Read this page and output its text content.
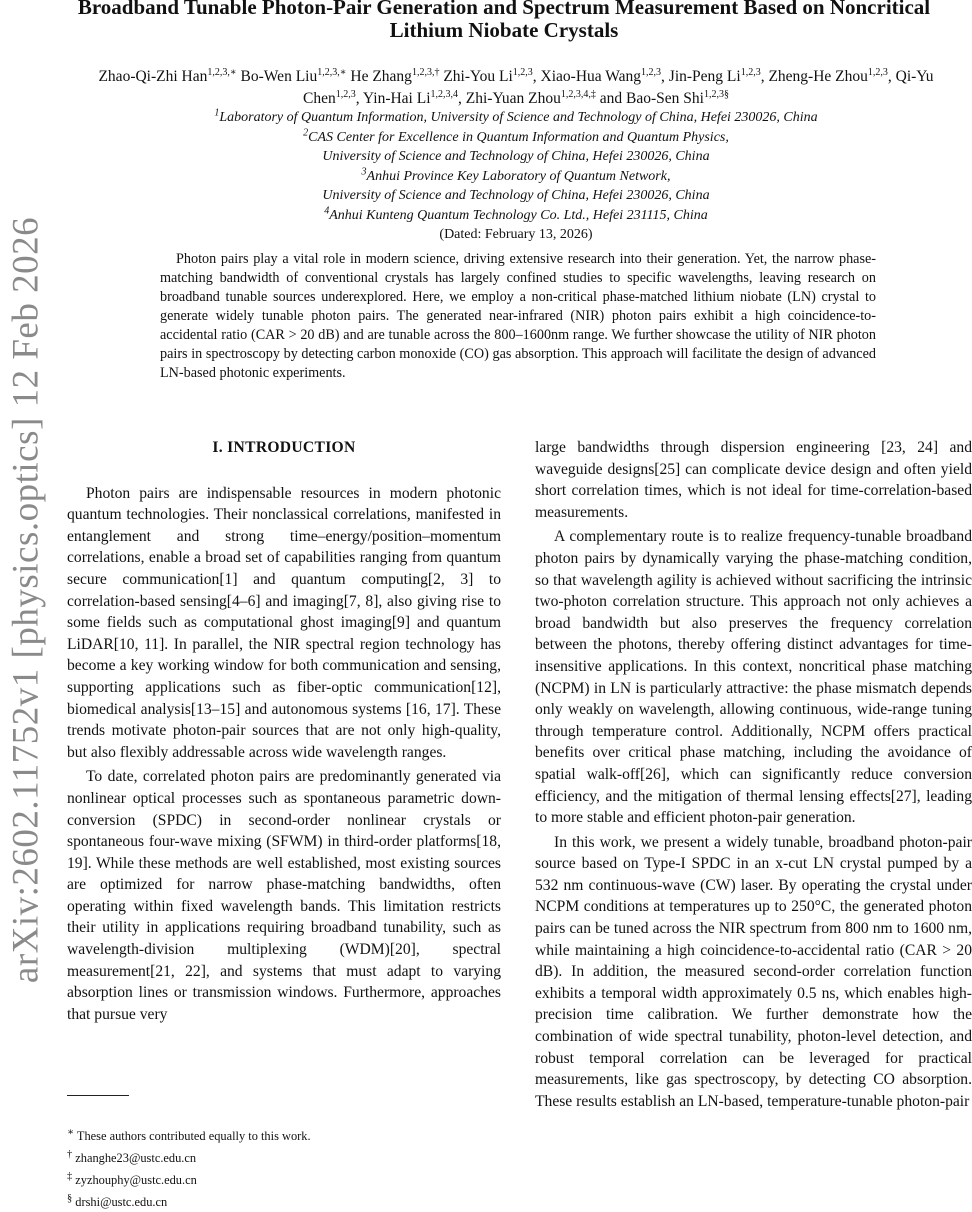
arXiv:2602.11752v1 [physics.optics] 12 Feb 2026
Broadband Tunable Photon-Pair Generation and Spectrum Measurement Based on Noncritical Lithium Niobate Crystals
Zhao-Qi-Zhi Han$^{1,2,3,∗}$ Bo-Wen Liu$^{1,2,3,∗}$ He Zhang$^{1,2,3,\dagger}$ Zhi-You Li$^{1,2,3}$, Xiao-Hua Wang$^{1,2,3}$, Jin-Peng Li$^{1,2,3}$, Zheng-He Zhou$^{1,2,3}$, Qi-Yu Chen$^{1,2,3}$, Yin-Hai Li$^{1,2,3,4}$, Zhi-Yuan Zhou$^{1,2,3,4,\ddagger}$ and Bao-Sen Shi$^{1,2,3\S}$
$^1$Laboratory of Quantum Information, University of Science and Technology of China, Hefei 230026, China
$^2$CAS Center for Excellence in Quantum Information and Quantum Physics,
University of Science and Technology of China, Hefei 230026, China
$^3$Anhui Province Key Laboratory of Quantum Network,
University of Science and Technology of China, Hefei 230026, China
$^4$Anhui Kunteng Quantum Technology Co. Ltd., Hefei 231115, China
(Dated: February 13, 2026)

Photon pairs play a vital role in modern science, driving extensive research into their generation. Yet, the narrow phase-matching bandwidth of conventional crystals has largely confined studies to specific wavelengths, leaving research on broadband tunable sources underexplored. Here, we employ a non-critical phase-matched lithium niobate (LN) crystal to generate widely tunable photon pairs. The generated near-infrared (NIR) photon pairs exhibit a high coincidence-to-accidental ratio (CAR > 20 dB) and are tunable across the 800–1600nm range. We further showcase the utility of NIR photon pairs in spectroscopy by detecting carbon monoxide (CO) gas absorption. This approach will facilitate the design of advanced LN-based photonic experiments.

I. INTRODUCTION

Photon pairs are indispensable resources in modern photonic quantum technologies. Their nonclassical correlations, manifested in entanglement and strong time–energy/position–momentum correlations, enable a broad set of capabilities ranging from quantum secure communication[1] and quantum computing[2, 3] to correlation-based sensing[4–6] and imaging[7, 8], also giving rise to some fields such as computational ghost imaging[9] and quantum LiDAR[10, 11]. In parallel, the NIR spectral region technology has become a key working window for both communication and sensing, supporting applications such as fiber-optic communication[12], biomedical analysis[13–15] and autonomous systems [16, 17]. These trends motivate photon-pair sources that are not only high-quality, but also flexibly addressable across wide wavelength ranges.

To date, correlated photon pairs are predominantly generated via nonlinear optical processes such as spontaneous parametric down-conversion (SPDC) in second-order nonlinear crystals or spontaneous four-wave mixing (SFWM) in third-order platforms[18, 19]. While these methods are well established, most existing sources are optimized for narrow phase-matching bandwidths, often operating within fixed wavelength bands. This limitation restricts their utility in applications requiring broadband tunability, such as wavelength-division multiplexing (WDM)[20], spectral measurement[21, 22], and systems that must adapt to varying absorption lines or transmission windows. Furthermore, approaches that pursue very

large bandwidths through dispersion engineering [23, 24] and waveguide designs[25] can complicate device design and often yield short correlation times, which is not ideal for time-correlation-based measurements.

A complementary route is to realize frequency-tunable broadband photon pairs by dynamically varying the phase-matching condition, so that wavelength agility is achieved without sacrificing the intrinsic two-photon correlation structure. This approach not only achieves a broad bandwidth but also preserves the frequency correlation between the photons, thereby offering distinct advantages for time-insensitive applications. In this context, noncritical phase matching (NCPM) in LN is particularly attractive: the phase mismatch depends only weakly on wavelength, allowing continuous, wide-range tuning through temperature control. Additionally, NCPM offers practical benefits over critical phase matching, including the avoidance of spatial walk-off[26], which can significantly reduce conversion efficiency, and the mitigation of thermal lensing effects[27], leading to more stable and efficient photon-pair generation.

In this work, we present a widely tunable, broadband photon-pair source based on Type-I SPDC in an x-cut LN crystal pumped by a 532 nm continuous-wave (CW) laser. By operating the crystal under NCPM conditions at temperatures up to 250°C, the generated photon pairs can be tuned across the NIR spectrum from 800 nm to 1600 nm, while maintaining a high coincidence-to-accidental ratio (CAR > 20 dB). In addition, the measured second-order correlation function exhibits a temporal width approximately 0.5 ns, which enables high-precision time calibration. We further demonstrate how the combination of wide spectral tunability, photon-level detection, and robust temporal correlation can be leveraged for practical measurements, like gas spectroscopy, by detecting CO absorption. These results establish an LN-based, temperature-tunable photon-pair

∗ These authors contributed equally to this work.
† zhanghe23@ustc.edu.cn
‡ zyzhouphy@ustc.edu.cn
§ drshi@ustc.edu.cn
